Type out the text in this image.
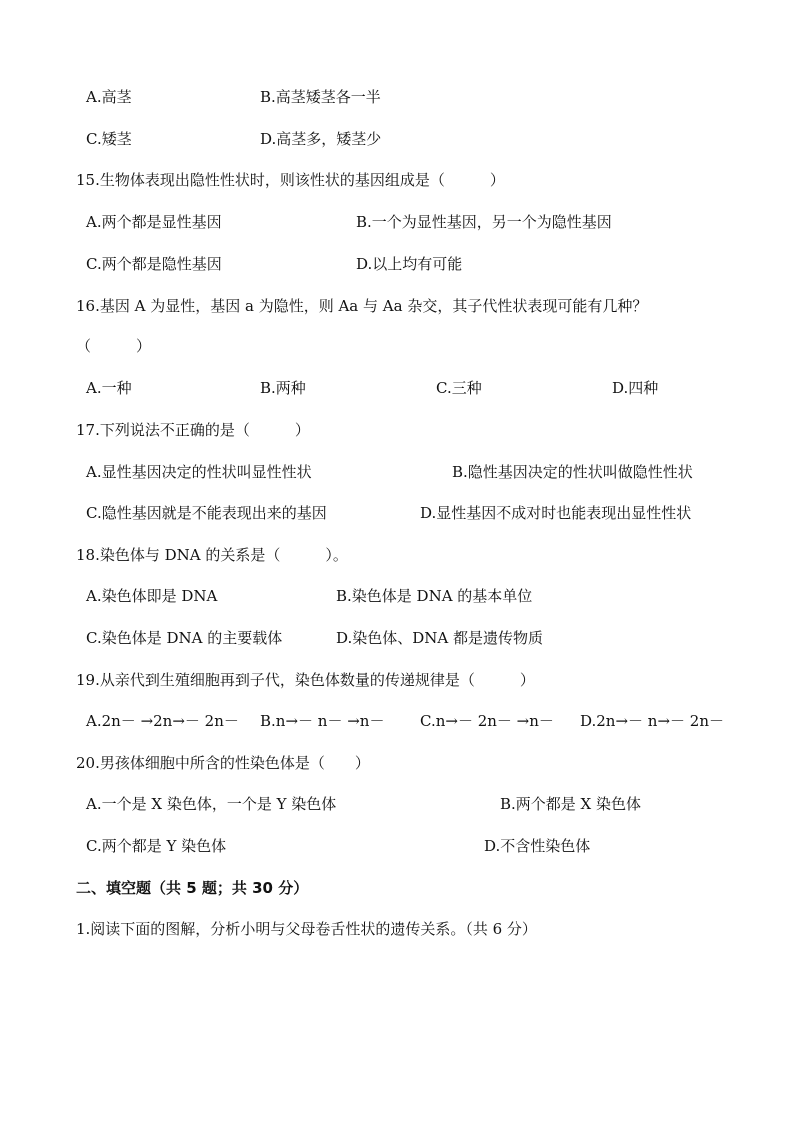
A.高茎	B.高茎矮茎各一半
C.矮茎	D.高茎多，矮茎少
15.生物体表现出隐性性状时，则该性状的基因组成是（　　　）
A.两个都是显性基因	B.一个为显性基因，另一个为隐性基因
C.两个都是隐性基因	D.以上均有可能
16.基因 A 为显性，基因 a 为隐性，则 Aa 与 Aa 杂交，其子代性状表现可能有几种？
（　　　）
A.一种	B.两种	C.三种	D.四种
17.下列说法不正确的是（　　　）
A.显性基因决定的性状叫显性性状	B.隐性基因决定的性状叫做隐性性状
C.隐性基因就是不能表现出来的基因	D.显性基因不成对时也能表现出显性性状
18.染色体与 DNA 的关系是（　　　）。
A.染色体即是 DNA	B.染色体是 DNA 的基本单位
C.染色体是 DNA 的主要载体	D.染色体、DNA 都是遗传物质
19.从亲代到生殖细胞再到子代，染色体数量的传递规律是（　　　）
A.2n－ →2n→－ 2n－ B.n→－ n－ →n－ C.n→－ 2n－ →n－ D.2n→－ n→－ 2n－
20.男孩体细胞中所含的性染色体是（　　）
A.一个是 X 染色体，一个是 Y 染色体	B.两个都是 X 染色体
C.两个都是 Y 染色体	D.不含性染色体
二、填空题（共 5 题；共 30 分）
1.阅读下面的图解，分析小明与父母卷舌性状的遗传关系。（共 6 分）
